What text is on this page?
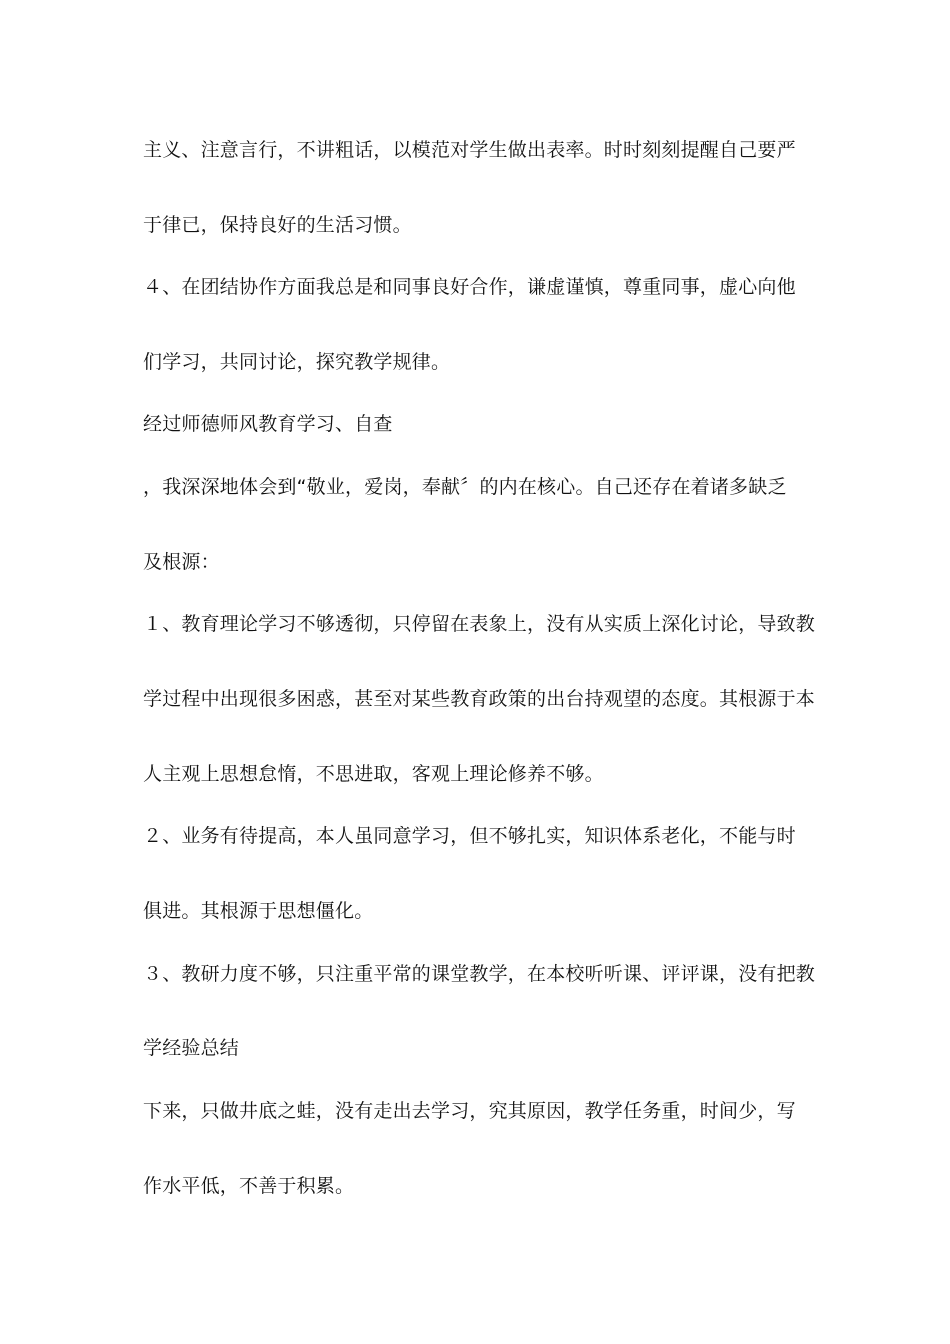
主义、注意言行，不讲粗话，以模范对学生做出表率。时时刻刻提醒自己要严
于律已，保持良好的生活习惯。
４、在团结协作方面我总是和同事良好合作，谦虚谨慎，尊重同事，虚心向他
们学习，共同讨论，探究教学规律。
经过师德师风教育学习、自查
，我深深地体会到“敬业，爱岗，奉献〞的内在核心。自己还存在着诸多缺乏
及根源：
１、教育理论学习不够透彻，只停留在表象上，没有从实质上深化讨论，导致教
学过程中出现很多困惑，甚至对某些教育政策的出台持观望的态度。其根源于本
人主观上思想怠惰，不思进取，客观上理论修养不够。
２、业务有待提高，本人虽同意学习，但不够扎实，知识体系老化，不能与时
俱进。其根源于思想僵化。
３、教研力度不够，只注重平常的课堂教学，在本校听听课、评评课，没有把教
学经验总结
下来，只做井底之蛙，没有走出去学习，究其原因，教学任务重，时间少，写
作水平低，不善于积累。
